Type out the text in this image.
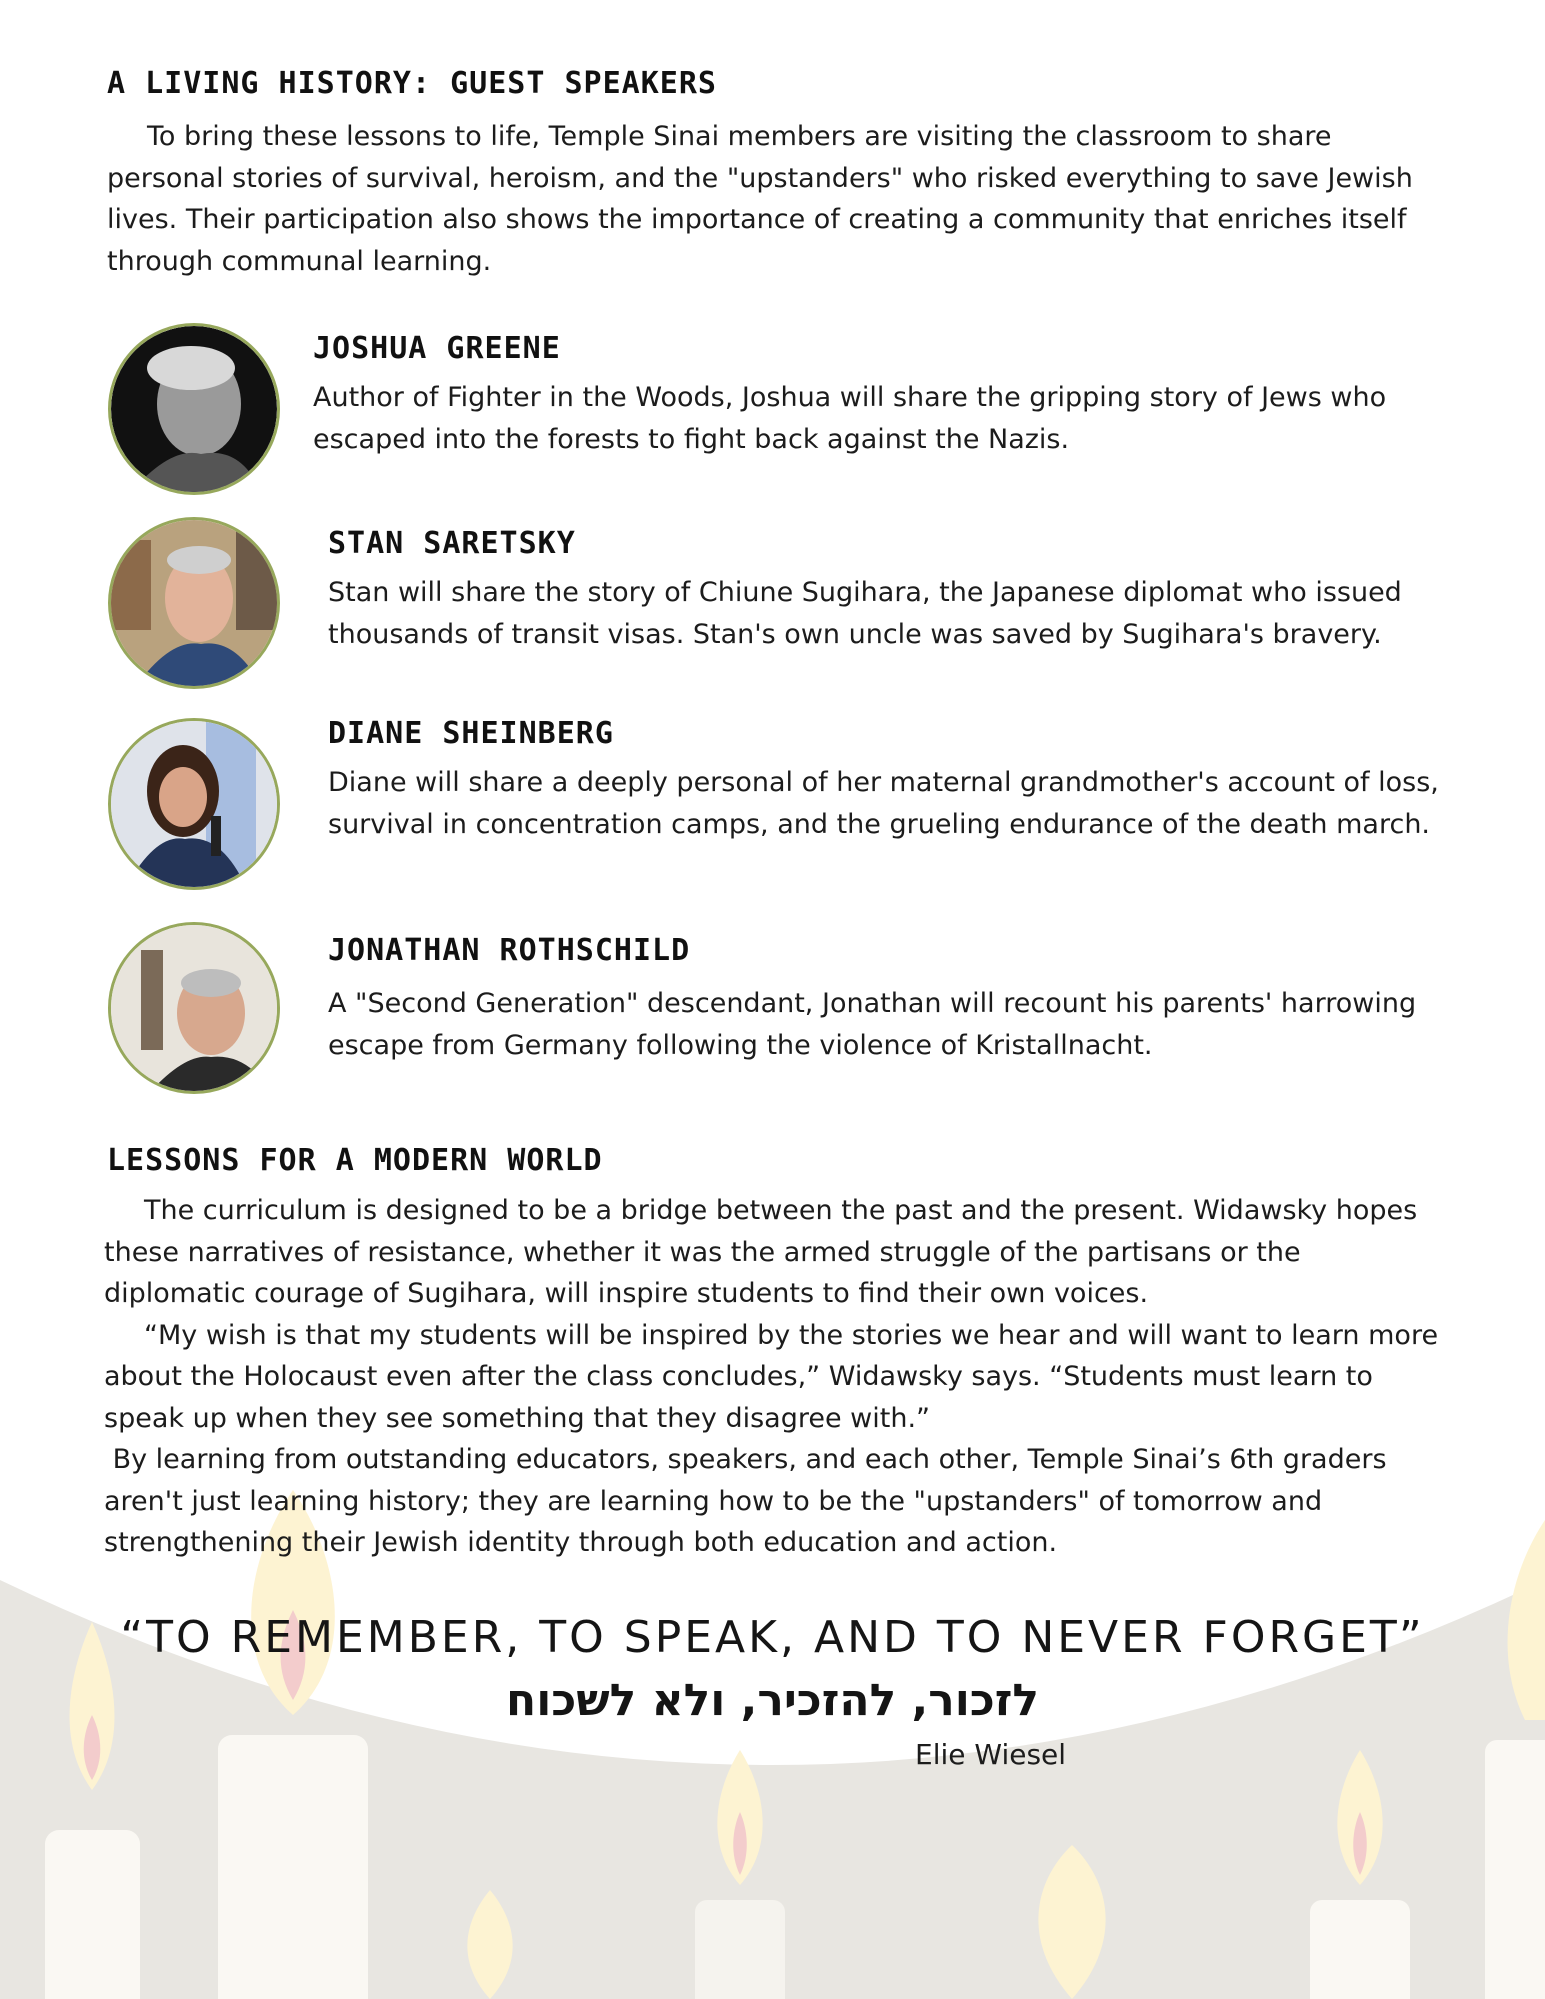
A LIVING HISTORY: GUEST SPEAKERS

To bring these lessons to life, Temple Sinai members are visiting the classroom to share personal stories of survival, heroism, and the "upstanders" who risked everything to save Jewish lives. Their participation also shows the importance of creating a community that enriches itself through communal learning.

JOSHUA GREENE

Author of Fighter in the Woods, Joshua will share the gripping story of Jews who escaped into the forests to fight back against the Nazis.

STAN SARETSKY

Stan will share the story of Chiune Sugihara, the Japanese diplomat who issued thousands of transit visas. Stan's own uncle was saved by Sugihara's bravery.

DIANE SHEINBERG

Diane will share a deeply personal of her maternal grandmother's account of loss, survival in concentration camps, and the grueling endurance of the death march.

JONATHAN ROTHSCHILD

A "Second Generation" descendant, Jonathan will recount his parents' harrowing escape from Germany following the violence of Kristallnacht.

LESSONS FOR A MODERN WORLD
The curriculum is designed to be a bridge between the past and the present. Widawsky hopes these narratives of resistance, whether it was the armed struggle of the partisans or the diplomatic courage of Sugihara, will inspire students to find their own voices.
“My wish is that my students will be inspired by the stories we hear and will want to learn more about the Holocaust even after the class concludes,” Widawsky says. “Students must learn to speak up when they see something that they disagree with.”
By learning from outstanding educators, speakers, and each other, Temple Sinai’s 6th graders aren't just learning history; they are learning how to be the "upstanders" of tomorrow and strengthening their Jewish identity through both education and action.

“TO REMEMBER, TO SPEAK, AND TO NEVER FORGET”

לזכור, להזכיר, ולא לשכוח

Elie Wiesel
